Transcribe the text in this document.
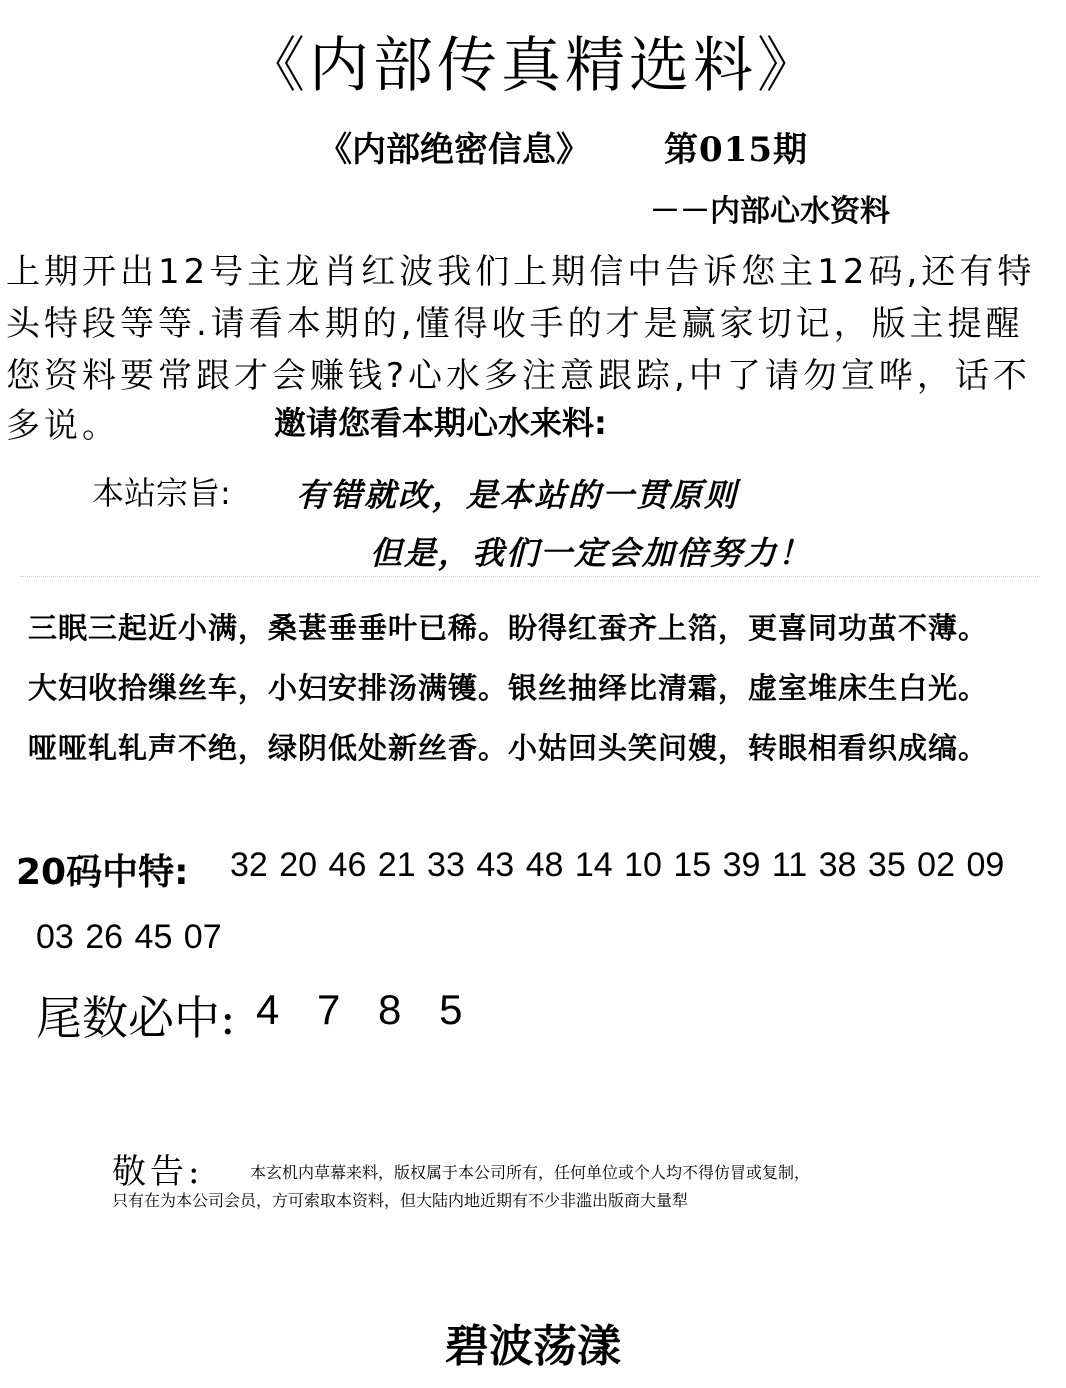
《内部传真精选料》
《内部绝密信息》 第015期
－－内部心水资料
上期开出12号主龙肖红波我们上期信中告诉您主12码,还有特
头特段等等.请看本期的,懂得收手的才是赢家切记，版主提醒
您资料要常跟才会赚钱?心水多注意跟踪,中了请勿宣哗，话不
多说。	邀请您看本期心水来料:
本站宗旨: 有错就改，是本站的一贯原则
但是，我们一定会加倍努力！
三眠三起近小满，桑葚垂垂叶已稀。盼得红蚕齐上箔，更喜同功茧不薄。
大妇收拾缫丝车，小妇安排汤满镬。银丝抽绎比清霜，虚室堆床生白光。
哑哑轧轧声不绝，绿阴低处新丝香。小姑回头笑问嫂，转眼相看织成缟。
20码中特: 32 20 46 21 33 43 48 14 10 15 39 11 38 35 02 09
03 26 45 07
尾数必中: 4 7 8 5
敬告:	本玄机内草幕来料，版权属于本公司所有，任何单位或个人均不得仿冒或复制，
只有在为本公司会员，方可索取本资料，但大陆内地近期有不少非滥出版商大量犁
碧波荡漾
